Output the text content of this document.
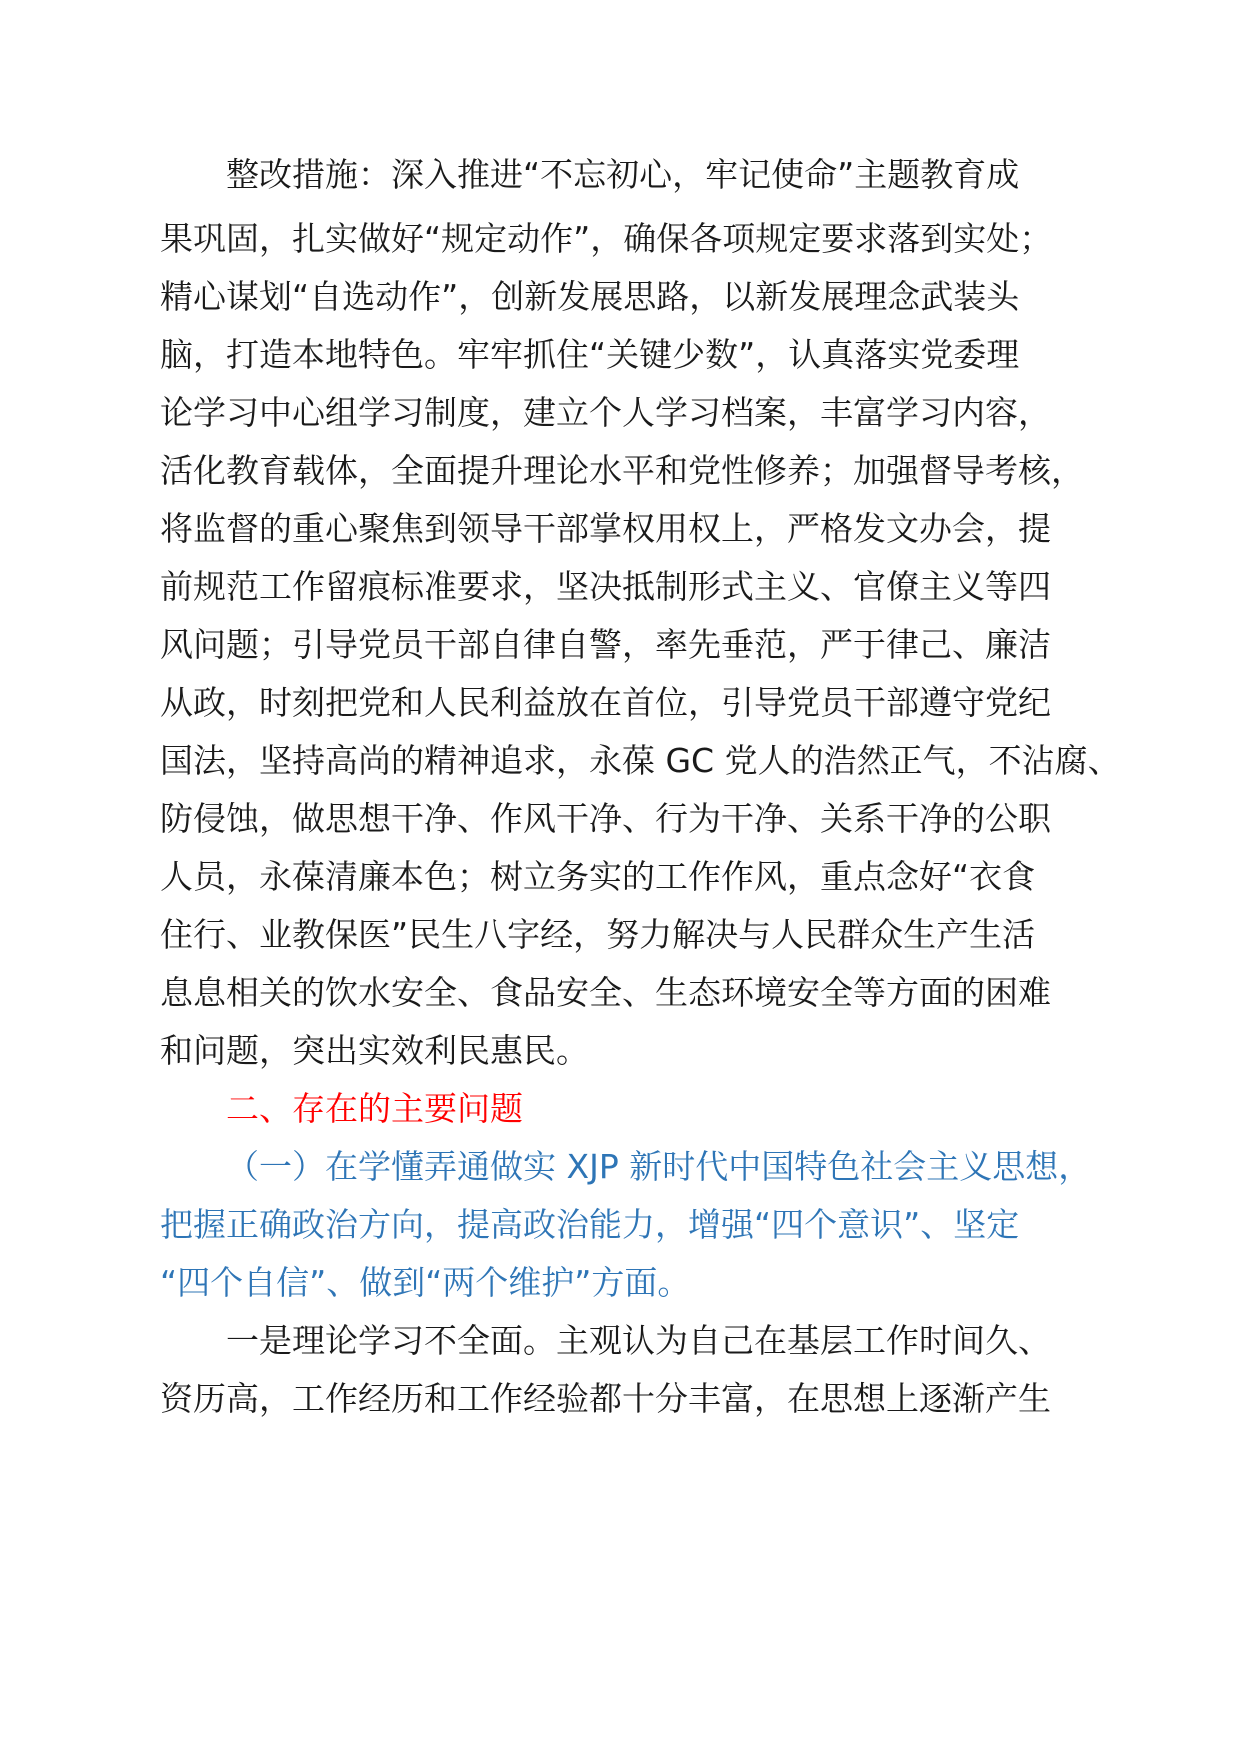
整改措施：深入推进“不忘初心，牢记使命”主题教育成
果巩固，扎实做好“规定动作”，确保各项规定要求落到实处；
精心谋划“自选动作”，创新发展思路，以新发展理念武装头
脑，打造本地特色。牢牢抓住“关键少数”，认真落实党委理
论学习中心组学习制度，建立个人学习档案，丰富学习内容，
活化教育载体，全面提升理论水平和党性修养；加强督导考核，
将监督的重心聚焦到领导干部掌权用权上，严格发文办会，提
前规范工作留痕标准要求，坚决抵制形式主义、官僚主义等四
风问题；引导党员干部自律自警，率先垂范，严于律己、廉洁
从政，时刻把党和人民利益放在首位，引导党员干部遵守党纪
国法，坚持高尚的精神追求，永葆 GC 党人的浩然正气，不沾腐、
防侵蚀，做思想干净、作风干净、行为干净、关系干净的公职
人员，永葆清廉本色；树立务实的工作作风，重点念好“衣食
住行、业教保医”民生八字经，努力解决与人民群众生产生活
息息相关的饮水安全、食品安全、生态环境安全等方面的困难
和问题，突出实效利民惠民。
二、存在的主要问题
（一）在学懂弄通做实 XJP 新时代中国特色社会主义思想，
把握正确政治方向，提高政治能力，增强“四个意识”、坚定
“四个自信”、做到“两个维护”方面。
一是理论学习不全面。主观认为自己在基层工作时间久、
资历高，工作经历和工作经验都十分丰富，在思想上逐渐产生
